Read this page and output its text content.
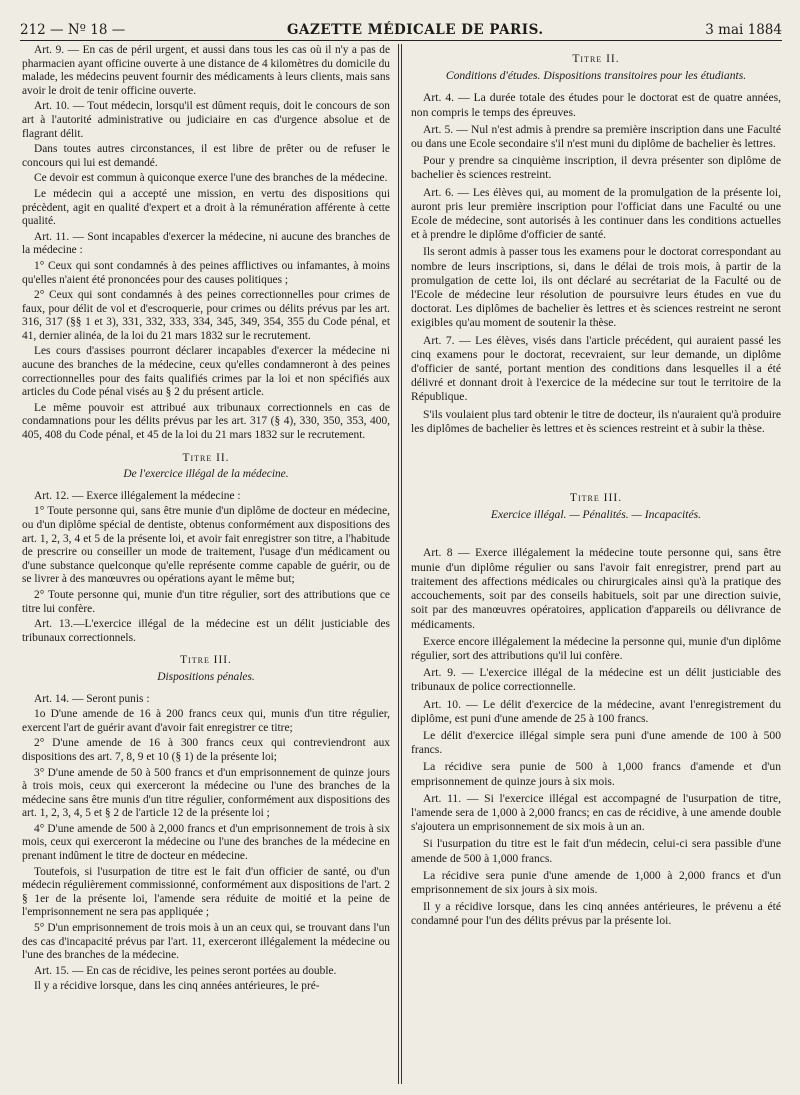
212 — Nº 18 —	GAZETTE MÉDICALE DE PARIS.	3 mai 1884

Art. 9. — En cas de péril urgent, et aussi dans tous les cas où il n'y a pas de pharmacien ayant officine ouverte à une distance de 4 kilomètres du domicile du malade, les médecins peuvent fournir des médicaments à leurs clients, mais sans avoir le droit de tenir officine ouverte.

Art. 10. — Tout médecin, lorsqu'il est dûment requis, doit le concours de son art à l'autorité administrative ou judiciaire en cas d'urgence absolue et de flagrant délit.

Dans toutes autres circonstances, il est libre de prêter ou de refuser le concours qui lui est demandé.

Ce devoir est commun à quiconque exerce l'une des branches de la médecine.

Le médecin qui a accepté une mission, en vertu des dispositions qui précèdent, agit en qualité d'expert et a droit à la rémunération afférente à cette qualité.

Art. 11. — Sont incapables d'exercer la médecine, ni aucune des branches de la médecine :

1° Ceux qui sont condamnés à des peines afflictives ou infamantes, à moins qu'elles n'aient été prononcées pour des causes politiques ;

2° Ceux qui sont condamnés à des peines correctionnelles pour crimes de faux, pour délit de vol et d'escroquerie, pour crimes ou délits prévus par les art. 316, 317 (§§ 1 et 3), 331, 332, 333, 334, 345, 349, 354, 355 du Code pénal, et 41, dernier alinéa, de la loi du 21 mars 1832 sur le recrutement.

Les cours d'assises pourront déclarer incapables d'exercer la médecine ni aucune des branches de la médecine, ceux qu'elles condamneront à des peines correctionnelles pour des faits qualifiés crimes par la loi et non spécifiés aux articles du Code pénal visés au § 2 du présent article.

Le même pouvoir est attribué aux tribunaux correctionnels en cas de condamnations pour les délits prévus par les art. 317 (§ 4), 330, 350, 353, 400, 405, 408 du Code pénal, et 45 de la loi du 21 mars 1832 sur le recrutement.

Titre II.
De l'exercice illégal de la médecine.

Art. 12. — Exerce illégalement la médecine :

1° Toute personne qui, sans être munie d'un diplôme de docteur en médecine, ou d'un diplôme spécial de dentiste, obtenus conformément aux dispositions des art. 1, 2, 3, 4 et 5 de la présente loi, et avoir fait enregistrer son titre, a l'habitude de prescrire ou conseiller un mode de traitement, l'usage d'un médicament ou d'une substance quelconque qu'elle représente comme capable de guérir, ou de se livrer à des manœuvres ou opérations ayant le même but;

2° Toute personne qui, munie d'un titre régulier, sort des attributions que ce titre lui confère.

Art. 13.—L'exercice illégal de la médecine est un délit justiciable des tribunaux correctionnels.

Titre III.
Dispositions pénales.

Art. 14. — Seront punis :

1o D'une amende de 16 à 200 francs ceux qui, munis d'un titre régulier, exercent l'art de guérir avant d'avoir fait enregistrer ce titre;

2° D'une amende de 16 à 300 francs ceux qui contreviendront aux dispositions des art. 7, 8, 9 et 10 (§ 1) de la présente loi;

3° D'une amende de 50 à 500 francs et d'un emprisonnement de quinze jours à trois mois, ceux qui exerceront la médecine ou l'une des branches de la médecine sans être munis d'un titre régulier, conformément aux dispositions des art. 1, 2, 3, 4, 5 et § 2 de l'article 12 de la présente loi ;

4° D'une amende de 500 à 2,000 francs et d'un emprisonnement de trois à six mois, ceux qui exerceront la médecine ou l'une des branches de la médecine en prenant indûment le titre de docteur en médecine.

Toutefois, si l'usurpation de titre est le fait d'un officier de santé, ou d'un médecin régulièrement commissionné, conformément aux dispositions de l'art. 2 § 1er de la présente loi, l'amende sera réduite de moitié et la peine de l'emprisonnement ne sera pas appliquée ;

5° D'un emprisonnement de trois mois à un an ceux qui, se trouvant dans l'un des cas d'incapacité prévus par l'art. 11, exerceront illégalement la médecine ou l'une des branches de la médecine.

Art. 15. — En cas de récidive, les peines seront portées au double.

Il y a récidive lorsque, dans les cinq années antérieures, le pré-

Titre II.
Conditions d'études. Dispositions transitoires pour les étudiants.

Art. 4. — La durée totale des études pour le doctorat est de quatre années, non compris le temps des épreuves.

Art. 5. — Nul n'est admis à prendre sa première inscription dans une Faculté ou dans une Ecole secondaire s'il n'est muni du diplôme de bachelier ès lettres.

Pour y prendre sa cinquième inscription, il devra présenter son diplôme de bachelier ès sciences restreint.

Art. 6. — Les élèves qui, au moment de la promulgation de la présente loi, auront pris leur première inscription pour l'officiat dans une Faculté ou une Ecole de médecine, sont autorisés à les continuer dans les conditions actuelles et à prendre le diplôme d'officier de santé.

Ils seront admis à passer tous les examens pour le doctorat correspondant au nombre de leurs inscriptions, si, dans le délai de trois mois, à partir de la promulgation de cette loi, ils ont déclaré au secrétariat de la Faculté ou de l'Ecole de médecine leur résolution de poursuivre leurs études en vue du doctorat. Les diplômes de bachelier ès lettres et ès sciences restreint ne seront exigibles qu'au moment de soutenir la thèse.

Art. 7. — Les élèves, visés dans l'article précédent, qui auraient passé les cinq examens pour le doctorat, recevraient, sur leur demande, un diplôme d'officier de santé, portant mention des conditions dans lesquelles il a été délivré et donnant droit à l'exercice de la médecine sur tout le territoire de la République.

S'ils voulaient plus tard obtenir le titre de docteur, ils n'auraient qu'à produire les diplômes de bachelier ès lettres et ès sciences restreint et à subir la thèse.

Titre III.
Exercice illégal. — Pénalités. — Incapacités.

Art. 8 — Exerce illégalement la médecine toute personne qui, sans être munie d'un diplôme régulier ou sans l'avoir fait enregistrer, prend part au traitement des affections médicales ou chirurgicales ainsi qu'à la pratique des accouchements, soit par des conseils habituels, soit par une direction suivie, soit par des manœuvres opératoires, application d'appareils ou délivrance de médicaments.

Exerce encore illégalement la médecine la personne qui, munie d'un diplôme régulier, sort des attributions qu'il lui confère.

Art. 9. — L'exercice illégal de la médecine est un délit justiciable des tribunaux de police correctionnelle.

Art. 10. — Le délit d'exercice de la médecine, avant l'enregistrement du diplôme, est puni d'une amende de 25 à 100 francs.

Le délit d'exercice illégal simple sera puni d'une amende de 100 à 500 francs.

La récidive sera punie de 500 à 1,000 francs d'amende et d'un emprisonnement de quinze jours à six mois.

Art. 11. — Si l'exercice illégal est accompagné de l'usurpation de titre, l'amende sera de 1,000 à 2,000 francs; en cas de récidive, à une amende double s'ajoutera un emprisonnement de six mois à un an.

Si l'usurpation du titre est le fait d'un médecin, celui-ci sera passible d'une amende de 500 à 1,000 francs.

La récidive sera punie d'une amende de 1,000 à 2,000 francs et d'un emprisonnement de six jours à six mois.

Il y a récidive lorsque, dans les cinq années antérieures, le prévenu a été condamné pour l'un des délits prévus par la présente loi.
